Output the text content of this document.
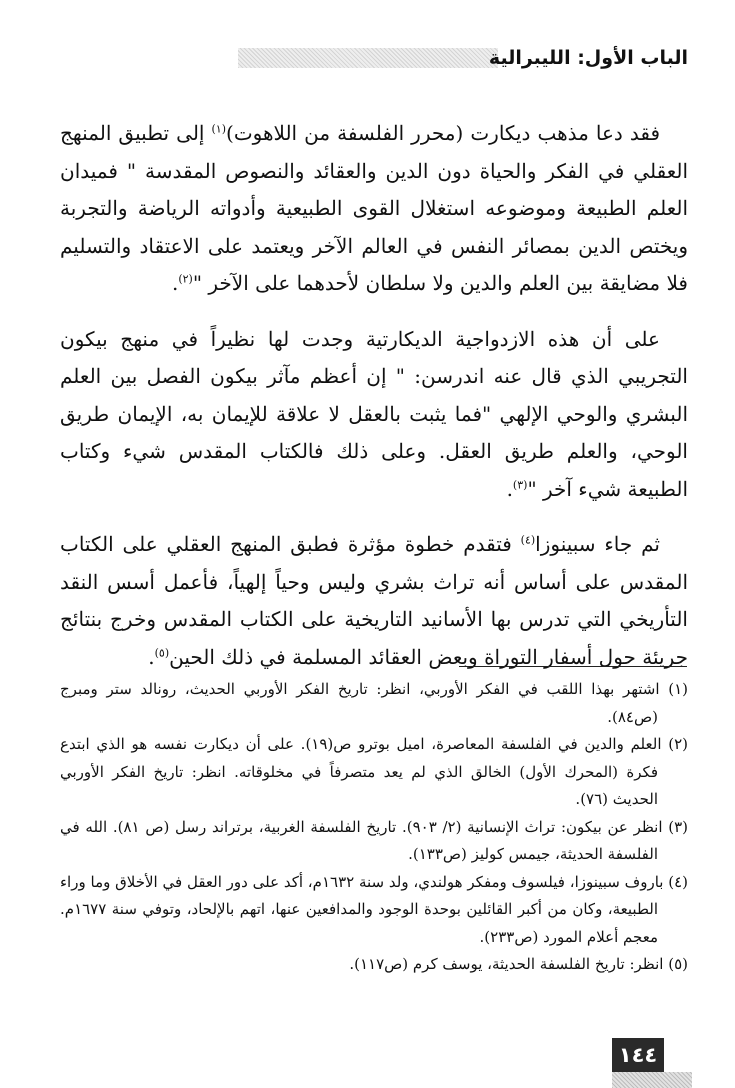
الباب الأول: الليبرالية

فقد دعا مذهب ديكارت (محرر الفلسفة من اللاهوت)$^{(١)}$ إلى تطبيق المنهج العقلي في الفكر والحياة دون الدين والعقائد والنصوص المقدسة " فميدان العلم الطبيعة وموضوعه استغلال القوى الطبيعية وأدواته الرياضة والتجربة ويختص الدين بمصائر النفس في العالم الآخر ويعتمد على الاعتقاد والتسليم فلا مضايقة بين العلم والدين ولا سلطان لأحدهما على الآخر "$^{(٢)}$.

على أن هذه الازدواجية الديكارتية وجدت لها نظيراً في منهج بيكون التجريبي الذي قال عنه اندرسن: " إن أعظم مآثر بيكون الفصل بين العلم البشري والوحي الإلهي "فما يثبت بالعقل لا علاقة للإيمان به، الإيمان طريق الوحي، والعلم طريق العقل. وعلى ذلك فالكتاب المقدس شيء وكتاب الطبيعة شيء آخر "$^{(٣)}$.

ثم جاء سبينوزا$^{(٤)}$ فتقدم خطوة مؤثرة فطبق المنهج العقلي على الكتاب المقدس على أساس أنه تراث بشري وليس وحياً إلهياً، فأعمل أسس النقد التأريخي التي تدرس بها الأسانيد التاريخية على الكتاب المقدس وخرج بنتائج جريئة حول أسفار التوراة وبعض العقائد المسلمة في ذلك الحين$^{(٥)}$.

(١) اشتهر بهذا اللقب في الفكر الأوربي، انظر: تاريخ الفكر الأوربي الحديث، رونالد ستر ومبرج (ص٨٤).

(٢) العلم والدين في الفلسفة المعاصرة، اميل بوترو ص(١٩). على أن ديكارت نفسه هو الذي ابتدع فكرة (المحرك الأول) الخالق الذي لم يعد متصرفاً في مخلوقاته. انظر: تاريخ الفكر الأوربي الحديث (٧٦).

(٣) انظر عن بيكون: تراث الإنسانية (٢/ ٩٠٣). تاريخ الفلسفة الغربية، برتراند رسل (ص ٨١). الله في الفلسفة الحديثة، جيمس كوليز (ص١٣٣).

(٤) باروف سبينوزا، فيلسوف ومفكر هولندي، ولد سنة ١٦٣٢م، أكد على دور العقل في الأخلاق وما وراء الطبيعة، وكان من أكبر القائلين بوحدة الوجود والمدافعين عنها، اتهم بالإلحاد، وتوفي سنة ١٦٧٧م. معجم أعلام المورد (ص٢٣٣).

(٥) انظر: تاريخ الفلسفة الحديثة، يوسف كرم (ص١١٧).

١٤٤
